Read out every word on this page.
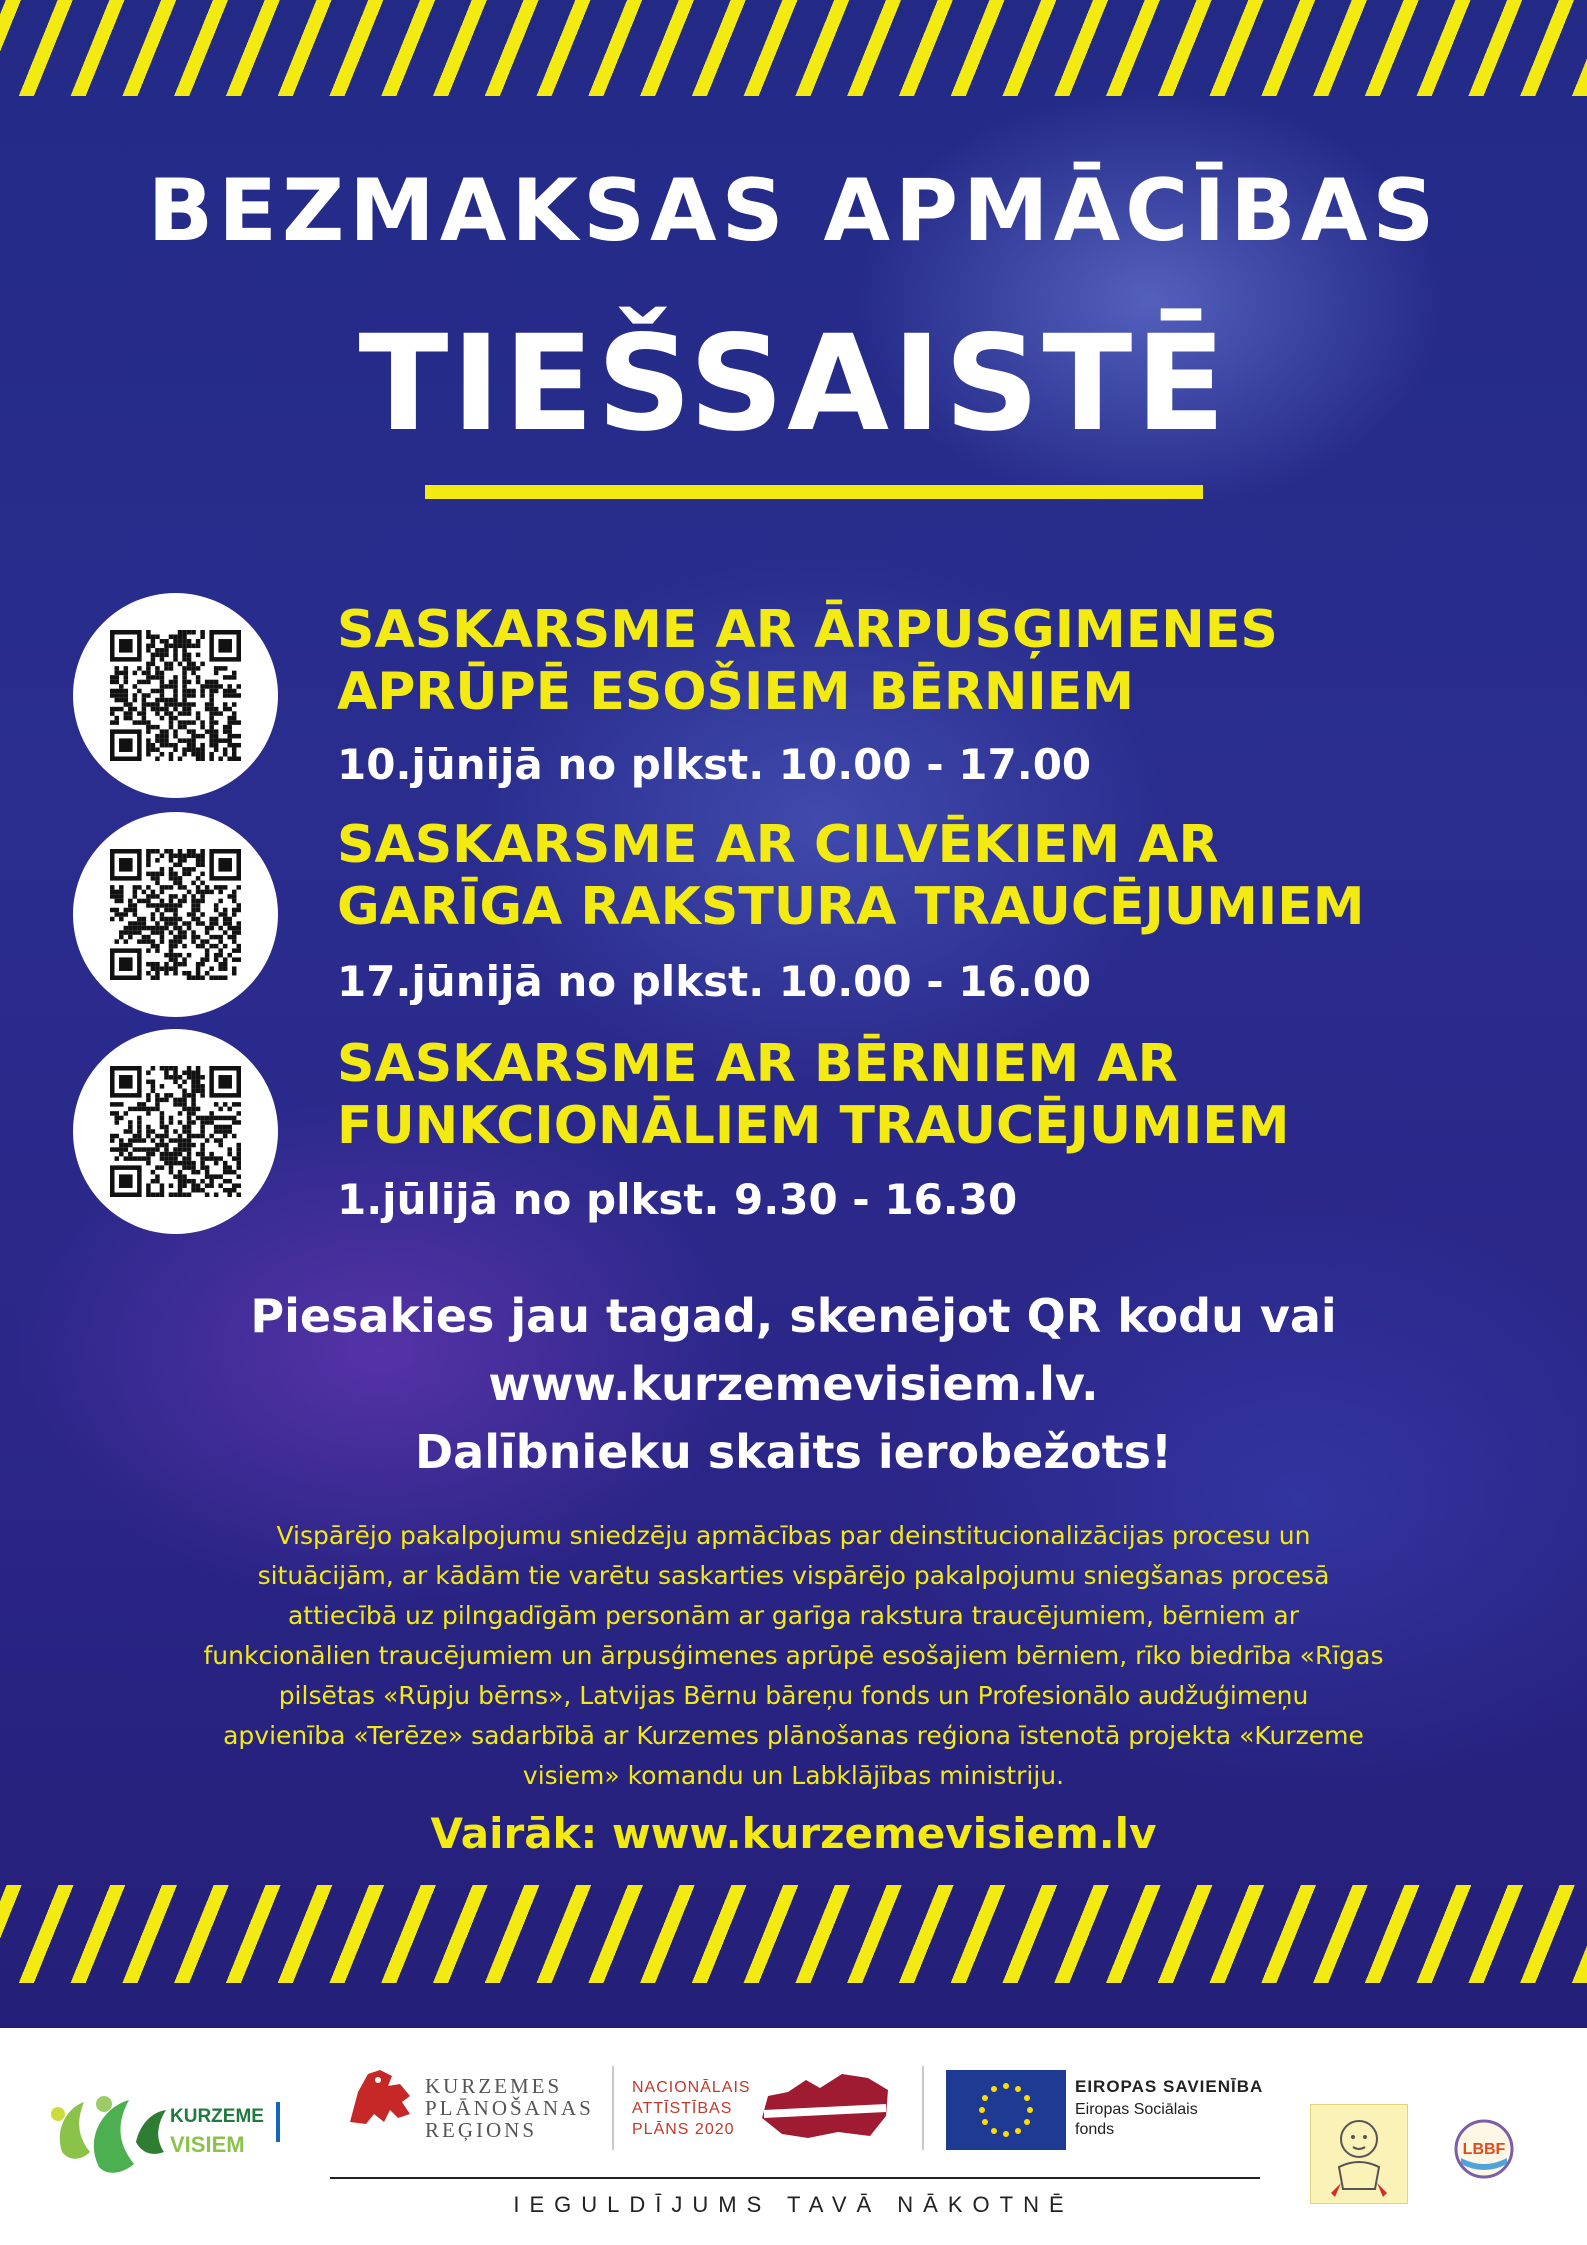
BEZMAKSAS APMĀCĪBAS
TIEŠSAISTĒ
SASKARSME AR ĀRPUSĢIMENES
APRŪPĒ ESOŠIEM BĒRNIEM
10.jūnijā no plkst. 10.00 - 17.00
SASKARSME AR CILVĒKIEM AR
GARĪGA RAKSTURA TRAUCĒJUMIEM
17.jūnijā no plkst. 10.00 - 16.00
SASKARSME AR BĒRNIEM AR
FUNKCIONĀLIEM TRAUCĒJUMIEM
1.jūlijā no plkst. 9.30 - 16.30
Piesakies jau tagad, skenējot QR kodu vai
www.kurzemevisiem.lv.
Dalībnieku skaits ierobežots!
Vispārējo pakalpojumu sniedzēju apmācības par deinstitucionalizācijas procesu un
situācijām, ar kādām tie varētu saskarties vispārējo pakalpojumu sniegšanas procesā
attiecībā uz pilngadīgām personām ar garīga rakstura traucējumiem, bērniem ar
funkcionālien traucējumiem un ārpusģimenes aprūpē esošajiem bērniem, rīko biedrība «Rīgas
pilsētas «Rūpju bērns», Latvijas Bērnu bāreņu fonds un Profesionālo audžuģimeņu
apvienība «Terēze» sadarbībā ar Kurzemes plānošanas reģiona īstenotā projekta «Kurzeme
visiem» komandu un Labklājības ministriju.
Vairāk: www.kurzemevisiem.lv
KURZEME
VISIEM
KURZEMES
PLĀNOŠANAS
REĢIONS
NACIONĀLAIS
ATTĪSTĪBAS
PLĀNS 2020
EIROPAS SAVIENĪBA
Eiropas Sociālais
fonds
LBBF
IEGULDĪJUMS TAVĀ NĀKOTNĒ
